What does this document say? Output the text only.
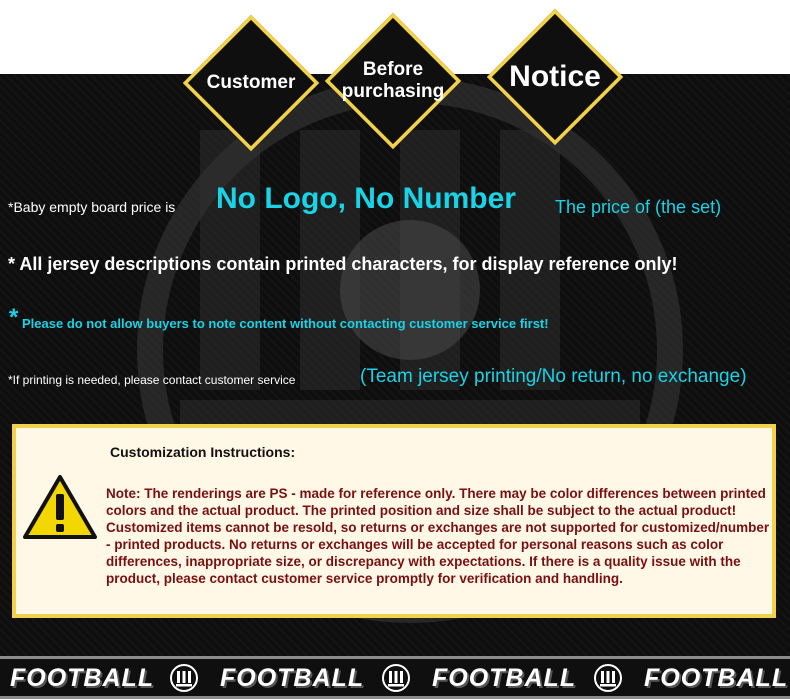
Customer
Before purchasing	Notice
*Baby empty board price is No Logo, No Number The price of (the set)
* All jersey descriptions contain printed characters, for display reference only!
* Please do not allow buyers to note content without contacting customer service first!
*If printing is needed, please contact customer service	(Team jersey printing/No return, no exchange)
Customization Instructions:
Note: The renderings are PS - made for reference only. There may be color differences between printed colors and the actual product. The printed position and size shall be subject to the actual product! Customized items cannot be resold, so returns or exchanges are not supported for customized/number - printed products. No returns or exchanges will be accepted for personal reasons such as color differences, inappropriate size, or discrepancy with expectations. If there is a quality issue with the product, please contact customer service promptly for verification and handling.
FOOTBALL	FOOTBALL	FOOTBALL	FOOTBALL
